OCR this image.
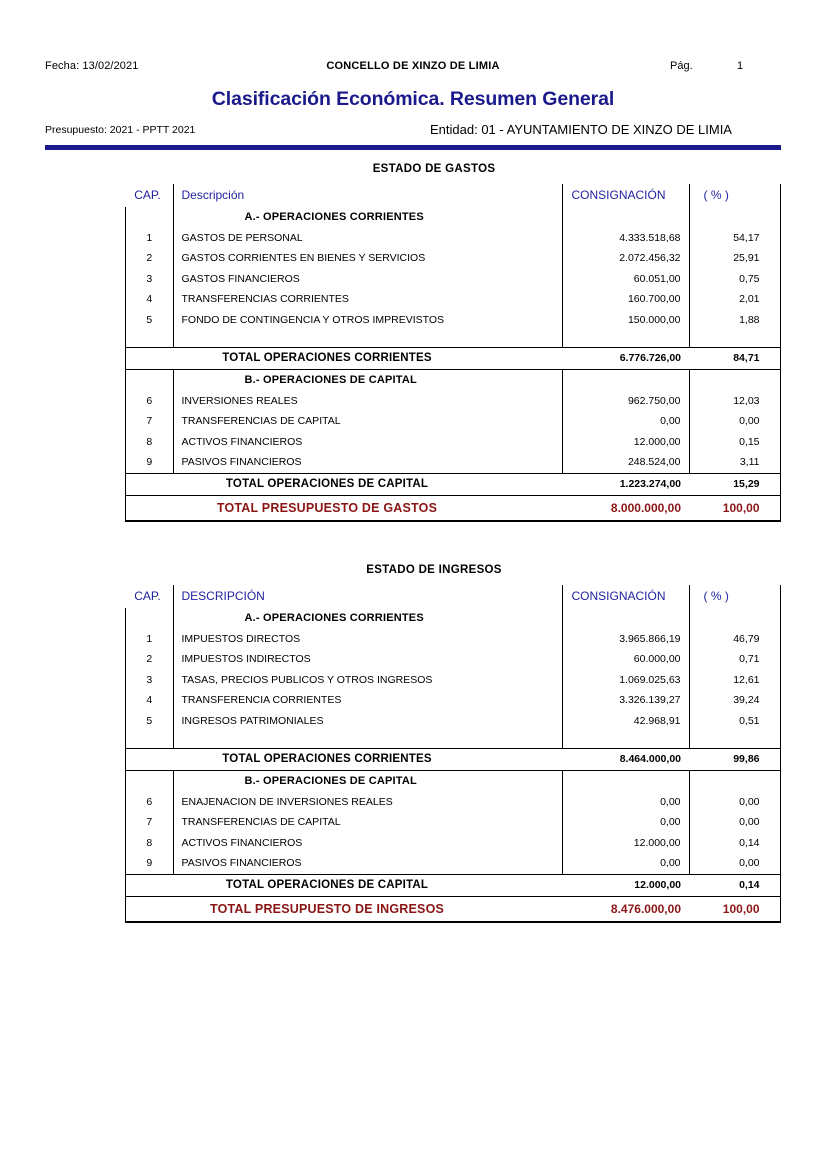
Fecha: 13/02/2021	CONCELLO DE XINZO DE LIMIA	Pág.	1
Clasificación Económica. Resumen General
Presupuesto: 2021 - PPTT 2021	Entidad: 01 - AYUNTAMIENTO DE XINZO DE LIMIA
ESTADO DE GASTOS
CAP.	Descripción	CONSIGNACIÓN	( % )
	A.- OPERACIONES CORRIENTES		
1	GASTOS DE PERSONAL	4.333.518,68	54,17
2	GASTOS CORRIENTES EN BIENES Y SERVICIOS	2.072.456,32	25,91
3	GASTOS FINANCIEROS	60.051,00	0,75
4	TRANSFERENCIAS CORRIENTES	160.700,00	2,01
5	FONDO DE CONTINGENCIA Y OTROS IMPREVISTOS	150.000,00	1,88

TOTAL OPERACIONES CORRIENTES		6.776.726,00	84,71
	B.- OPERACIONES DE CAPITAL		
6	INVERSIONES REALES	962.750,00	12,03
7	TRANSFERENCIAS DE CAPITAL	0,00	0,00
8	ACTIVOS FINANCIEROS	12.000,00	0,15
9	PASIVOS FINANCIEROS	248.524,00	3,11
TOTAL OPERACIONES DE CAPITAL		1.223.274,00	15,29
TOTAL PRESUPUESTO DE GASTOS		8.000.000,00	100,00
ESTADO DE INGRESOS
CAP.	DESCRIPCIÓN	CONSIGNACIÓN	( % )
	A.- OPERACIONES CORRIENTES		
1	IMPUESTOS DIRECTOS	3.965.866,19	46,79
2	IMPUESTOS INDIRECTOS	60.000,00	0,71
3	TASAS, PRECIOS PUBLICOS Y OTROS INGRESOS	1.069.025,63	12,61
4	TRANSFERENCIA CORRIENTES	3.326.139,27	39,24
5	INGRESOS PATRIMONIALES	42.968,91	0,51

TOTAL OPERACIONES CORRIENTES		8.464.000,00	99,86
	B.- OPERACIONES DE CAPITAL		
6	ENAJENACION DE INVERSIONES REALES	0,00	0,00
7	TRANSFERENCIAS DE CAPITAL	0,00	0,00
8	ACTIVOS FINANCIEROS	12.000,00	0,14
9	PASIVOS FINANCIEROS	0,00	0,00
TOTAL OPERACIONES DE CAPITAL		12.000,00	0,14
TOTAL PRESUPUESTO DE INGRESOS		8.476.000,00	100,00
